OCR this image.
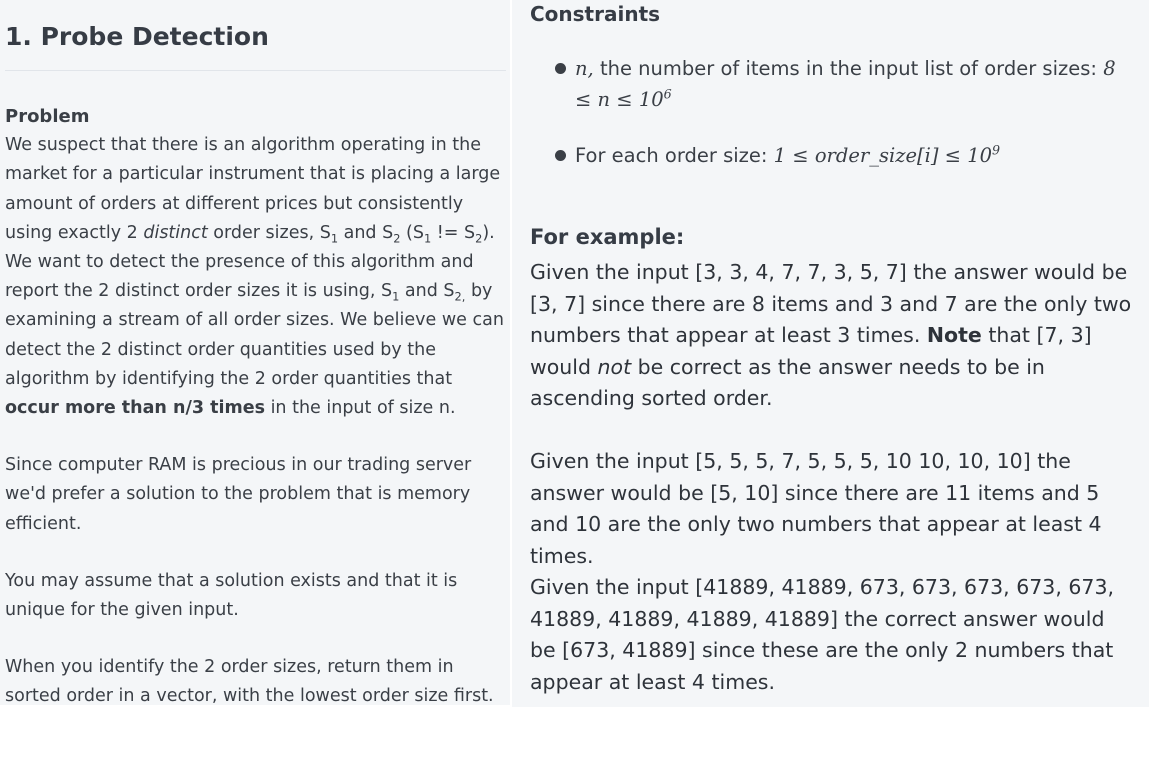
1. Probe Detection
Problem

We suspect that there is an algorithm operating in the market for a particular instrument that is placing a large amount of orders at different prices but consistently using exactly 2 distinct order sizes, $S_1$ and $S_2$ ($S_1$ != $S_2$). We want to detect the presence of this algorithm and report the 2 distinct order sizes it is using, $S_1$ and $S_{2,}$ by examining a stream of all order sizes. We believe we can detect the 2 distinct order quantities used by the algorithm by identifying the 2 order quantities that occur more than n/3 times in the input of size n.

Since computer RAM is precious in our trading server we'd prefer a solution to the problem that is memory efficient.

You may assume that a solution exists and that it is unique for the given input.

When you identify the 2 order sizes, return them in sorted order in a vector, with the lowest order size first.

Constraints
n, the number of items in the input list of order sizes: $8 \le n \le 10^6$
For each order size: 1 ≤ order_size[i] ≤ $10^9$
For example:

Given the input [3, 3, 4, 7, 7, 3, 5, 7] the answer would be [3, 7] since there are 8 items and 3 and 7 are the only two numbers that appear at least 3 times. Note that [7, 3] would not be correct as the answer needs to be in ascending sorted order.

Given the input [5, 5, 5, 7, 5, 5, 5, 10 10, 10, 10] the answer would be [5, 10] since there are 11 items and 5 and 10 are the only two numbers that appear at least 4 times.

Given the input [41889, 41889, 673, 673, 673, 673, 673, 41889, 41889, 41889, 41889] the correct answer would be [673, 41889] since these are the only 2 numbers that appear at least 4 times.
